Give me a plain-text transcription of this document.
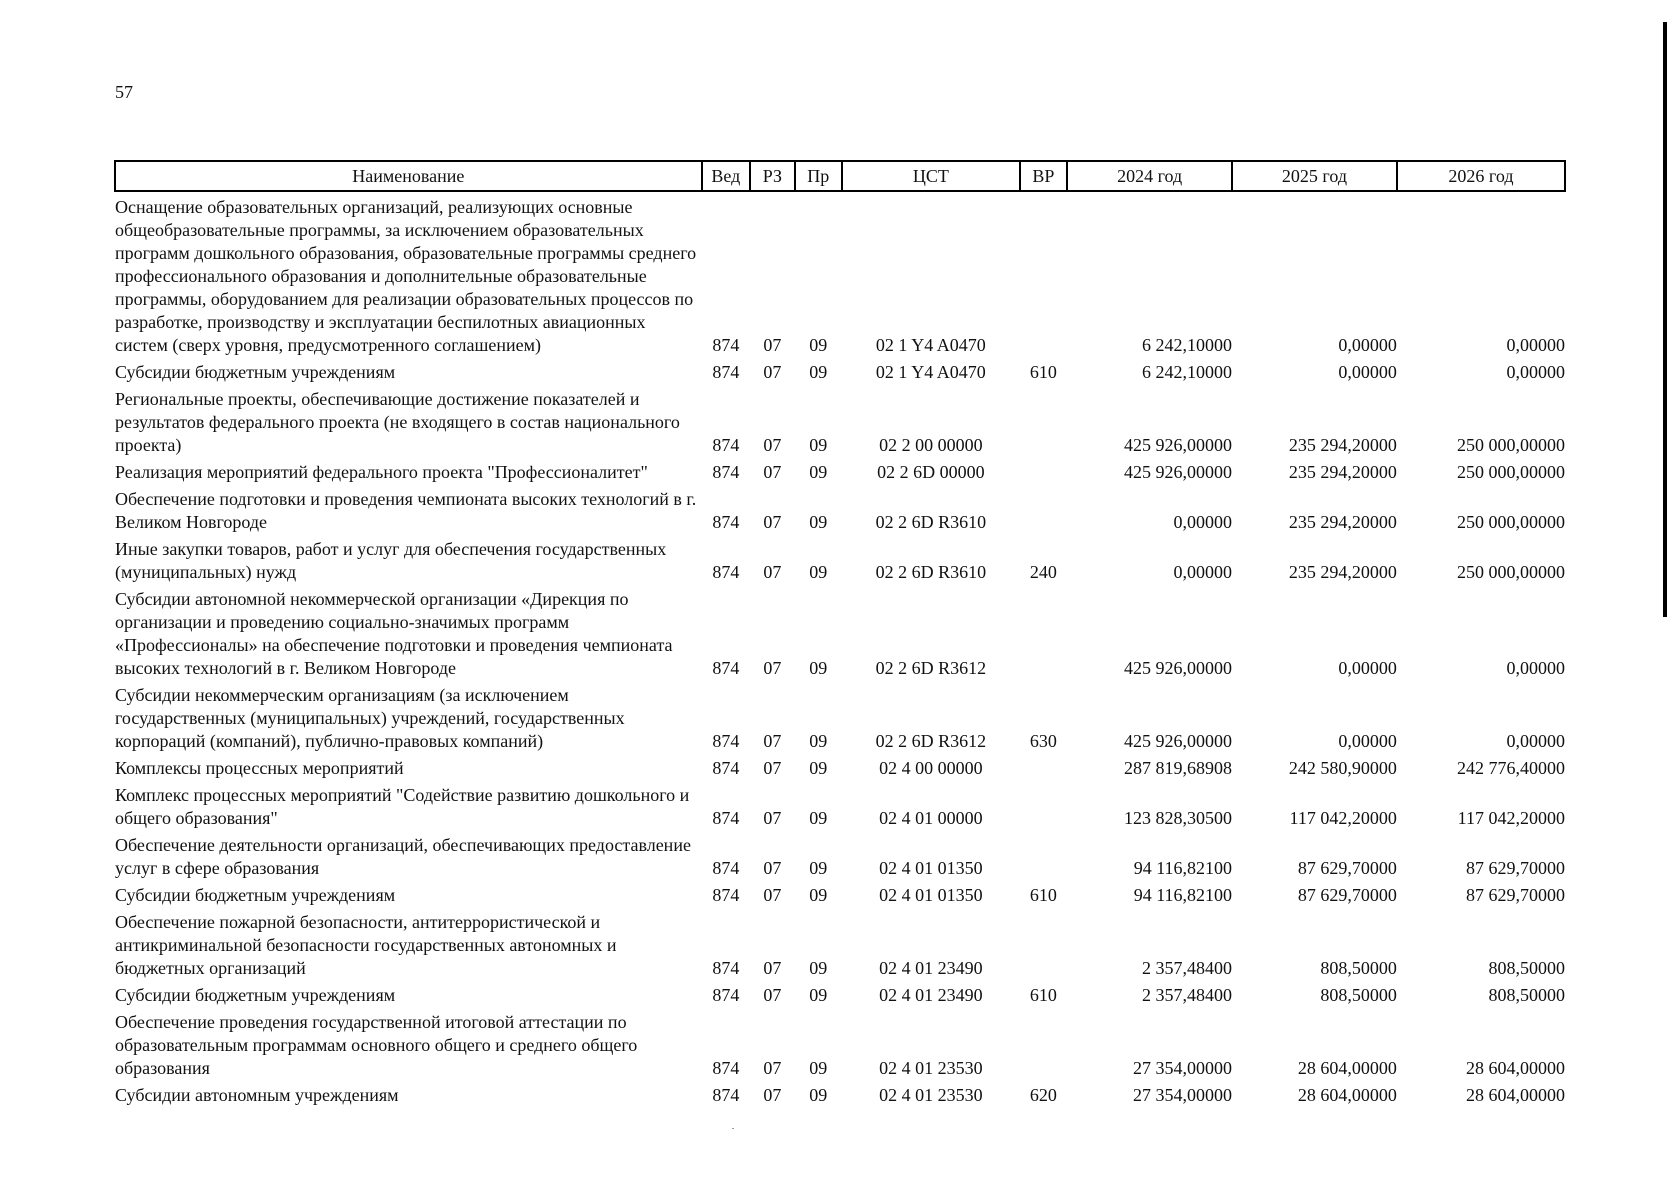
57
Наименование	Вед	РЗ	Пр	ЦСТ	ВР	2024 год	2025 год	2026 год
Оснащение образовательных организаций, реализующих основные общеобразовательные программы, за исключением образовательных программ дошкольного образования, образовательные программы среднего профессионального образования и дополнительные образовательные программы, оборудованием для реализации образовательных процессов по разработке, производству и эксплуатации беспилотных авиационных систем (сверх уровня, предусмотренного соглашением)	874	07	09	02 1 Y4 A0470		6 242,10000	0,00000	0,00000
Субсидии бюджетным учреждениям	874	07	09	02 1 Y4 A0470	610	6 242,10000	0,00000	0,00000
Региональные проекты, обеспечивающие достижение показателей и результатов федерального проекта (не входящего в состав национального проекта)	874	07	09	02 2 00 00000		425 926,00000	235 294,20000	250 000,00000
Реализация мероприятий федерального проекта "Профессионалитет"	874	07	09	02 2 6D 00000		425 926,00000	235 294,20000	250 000,00000
Обеспечение подготовки и проведения чемпионата высоких технологий в г. Великом Новгороде	874	07	09	02 2 6D R3610		0,00000	235 294,20000	250 000,00000
Иные закупки товаров, работ и услуг для обеспечения государственных (муниципальных) нужд	874	07	09	02 2 6D R3610	240	0,00000	235 294,20000	250 000,00000
Субсидии автономной некоммерческой организации «Дирекция по организации и проведению социально-значимых программ «Профессионалы» на обеспечение подготовки и проведения чемпионата высоких технологий в г. Великом Новгороде	874	07	09	02 2 6D R3612		425 926,00000	0,00000	0,00000
Субсидии некоммерческим организациям (за исключением государственных (муниципальных) учреждений, государственных корпораций (компаний), публично-правовых компаний)	874	07	09	02 2 6D R3612	630	425 926,00000	0,00000	0,00000
Комплексы процессных мероприятий	874	07	09	02 4 00 00000		287 819,68908	242 580,90000	242 776,40000
Комплекс процессных мероприятий "Содействие развитию дошкольного и общего образования"	874	07	09	02 4 01 00000		123 828,30500	117 042,20000	117 042,20000
Обеспечение деятельности организаций, обеспечивающих предоставление услуг в сфере образования	874	07	09	02 4 01 01350		94 116,82100	87 629,70000	87 629,70000
Субсидии бюджетным учреждениям	874	07	09	02 4 01 01350	610	94 116,82100	87 629,70000	87 629,70000
Обеспечение пожарной безопасности, антитеррористической и антикриминальной безопасности государственных автономных и бюджетных организаций	874	07	09	02 4 01 23490		2 357,48400	808,50000	808,50000
Субсидии бюджетным учреждениям	874	07	09	02 4 01 23490	610	2 357,48400	808,50000	808,50000
Обеспечение проведения государственной итоговой аттестации по образовательным программам основного общего и среднего общего образования	874	07	09	02 4 01 23530		27 354,00000	28 604,00000	28 604,00000
Субсидии автономным учреждениям	874	07	09	02 4 01 23530	620	27 354,00000	28 604,00000	28 604,00000
